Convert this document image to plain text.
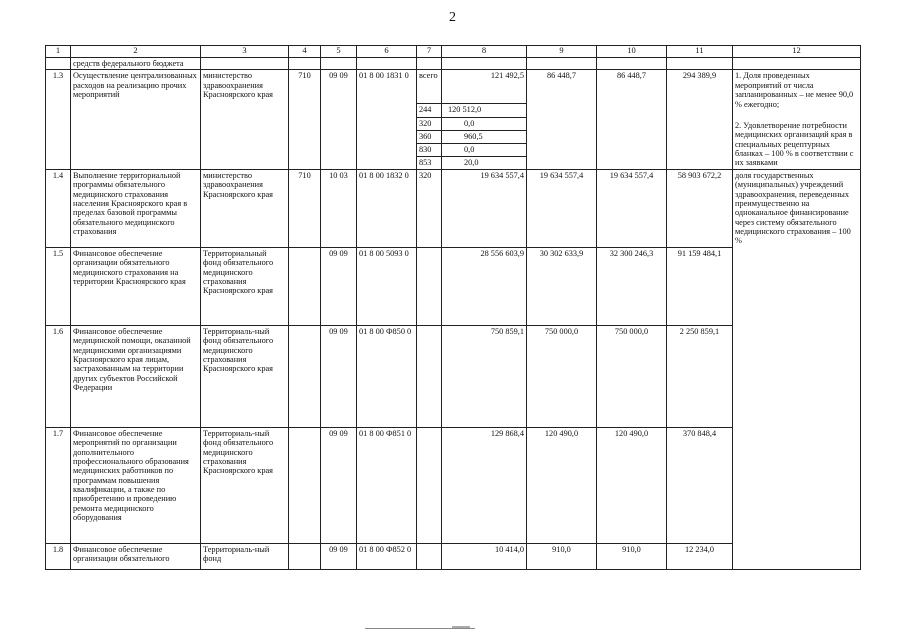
2
1	2	3	4	5	6	7	8	9	10	11	12	
	средств федерального бюджета											
1.3	Осуществление централизованных расходов на реализацию прочих мероприятий	министерство здравоохранения Красноярского края	710	09 09	01 8 00 1831 0	всего	121 492,5	86 448,7	86 448,7	294 389,9	1. Доля проведенных мероприятий от числа запланированных – не менее 90,0 % ежегодно;
2. Удовлетворение потребности медицинских организаций края в специальных рецептурных бланках – 100 % в соответствии с их заявками	

						244	120 512,0					
						320	0,0					
						360	960,5					
						830	0,0					
						853	20,0					
1.4	Выполнение территориальной программы обязательного медицинского страхования населения Красноярского края в пределах базовой программы обязательного медицинского страхования	министерство здравоохранения Красноярского края	710	10 03	01 8 00 1832 0	320	19 634 557,4	19 634 557,4	19 634 557,4	58 903 672,2	доля государственных (муниципальных) учреждений здравоохранения, переведенных преимущественно на одноканальное финансирование через систему обязательного медицинского страхования – 100 %	
1.5	Финансовое обеспечение организации обязательного медицинского страхования на территории Красноярского края	Территориальный фонд обязательного медицинского страхования Красноярского края		09 09	01 8 00 5093 0		28 556 603,9	30 302 633,9	32 300 246,3	91 159 484,1		
1.6	Финансовое обеспечение медицинской помощи, оказанной медицинскими организациями Красноярского края лицам, застрахованным на территории других субъектов Российской Федерации	Территориаль-ный фонд обязательного медицинского страхования Красноярского края		09 09	01 8 00 Ф850 0		750 859,1	750 000,0	750 000,0	2 250 859,1		
1.7	Финансовое обеспечение мероприятий по организации дополнительного профессионального образования медицинских работников по программам повышения квалификации, а также по приобретению и проведению ремонта медицинского оборудования	Территориаль-ный фонд обязательного медицинского страхования Красноярского края		09 09	01 8 00 Ф851 0		129 868,4	120 490,0	120 490,0	370 848,4		
1.8	Финансовое обеспечение организации обязательного	Территориаль-ный фонд		09 09	01 8 00 Ф852 0		10 414,0	910,0	910,0	12 234,0		
